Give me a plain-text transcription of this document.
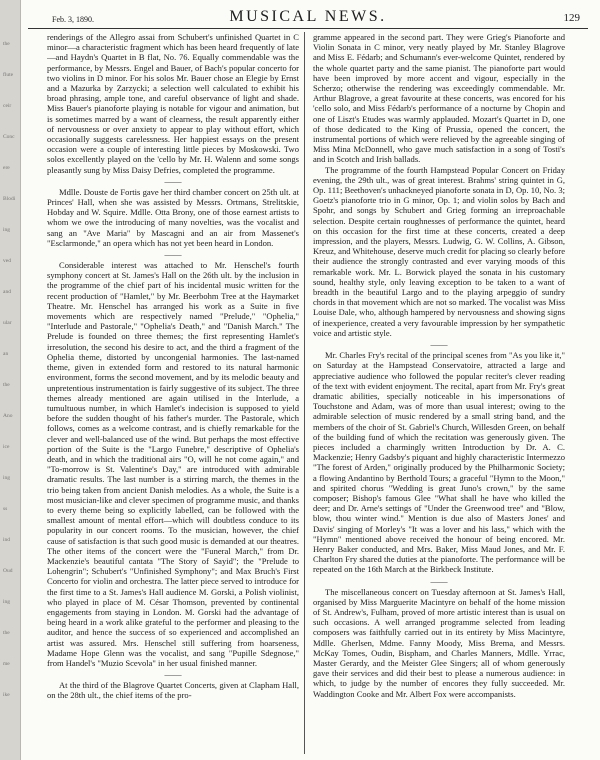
the
flute
ceir
Conc
ere
Blodi
ing
ved
and
ular
an
the
Ano
ice
ing
ss
ind
Oud
ing
the
me
ike
Feb. 3, 1890.	MUSICAL NEWS.	129

renderings of the Allegro assai from Schubert's unfinished Quartet in C minor—a characteristic fragment which has been heard frequently of late—and Haydn's Quartet in B flat, No. 76. Equally commendable was the performance, by Messrs. Engel and Bauer, of Bach's popular concerto for two violins in D minor. For his solos Mr. Bauer chose an Elegie by Ernst and a Mazurka by Zarzycki; a selection well calculated to exhibit his broad phrasing, ample tone, and careful observance of light and shade. Miss Bauer's pianoforte playing is notable for vigour and animation, but is sometimes marred by a want of clearness, the result apparently either of nervousness or over anxiety to appear to play without effort, which occasionally suggests carelessness. Her happiest essays on the present occasion were a couple of interesting little pieces by Moskowski. Two solos excellently played on the 'cello by Mr. H. Walenn and some songs pleasantly sung by Miss Daisy Defries, completed the programme.

——

Mdlle. Douste de Fortis gave her third chamber concert on 25th ult. at Princes' Hall, when she was assisted by Messrs. Ortmans, Strelitskie, Hobday and W. Squire. Mdlle. Otta Brony, one of those earnest artists to whom we owe the introducing of many novelties, was the vocalist and sang an "Ave Maria" by Mascagni and an air from Massenet's "Esclarmonde," an opera which has not yet been heard in London.

——

Considerable interest was attached to Mr. Henschel's fourth symphony concert at St. James's Hall on the 26th ult. by the inclusion in the programme of the chief part of his incidental music written for the recent production of "Hamlet," by Mr. Beerbohm Tree at the Haymarket Theatre. Mr. Henschel has arranged his work as a Suite in five movements which are respectively named "Prelude," "Ophelia," "Interlude and Pastorale," "Ophelia's Death," and "Danish March." The Prelude is founded on three themes; the first representing Hamlet's irresolution, the second his desire to act, and the third a fragment of the Ophelia theme, distorted by uncongenial harmonies. The last-named theme, given in extended form and restored to its natural harmonic environment, forms the second movement, and by its melodic beauty and unpretentious instrumentation is fairly suggestive of its subject. The three themes already mentioned are again utilised in the Interlude, a tumultuous number, in which Hamlet's indecision is supposed to yield before the sudden thought of his father's murder. The Pastorale, which follows, comes as a welcome contrast, and is chiefly remarkable for the clever and well-balanced use of the wind. But perhaps the most effective portion of the Suite is the "Largo Funebre," descriptive of Ophelia's death, and in which the traditional airs "O, will he not come again," and "To-morrow is St. Valentine's Day," are introduced with admirable dramatic results. The last number is a stirring march, the themes in the trio being taken from ancient Danish melodies. As a whole, the Suite is a most musician-like and clever specimen of programme music, and thanks to every theme being so explicitly labelled, can be followed with the smallest amount of mental effort—which will doubtless conduce to its popularity in our concert rooms. To the musician, however, the chief cause of satisfaction is that such good music is demanded at our theatres. The other items of the concert were the "Funeral March," from Dr. Mackenzie's beautiful cantata "The Story of Sayid"; the "Prelude to Lohengrin"; Schubert's "Unfinished Symphony"; and Max Bruch's First Concerto for violin and orchestra. The latter piece served to introduce for the first time to a St. James's Hall audience M. Gorski, a Polish violinist, who played in place of M. César Thomson, prevented by continental engagements from staying in London. M. Gorski had the advantage of being heard in a work alike grateful to the performer and pleasing to the auditor, and hence the success of so experienced and accomplished an artist was assured. Mrs. Henschel still suffering from hoarseness, Madame Hope Glenn was the vocalist, and sang "Pupille Sdegnose," from Handel's "Muzio Scevola" in her usual finished manner.

——

At the third of the Blagrove Quartet Concerts, given at Clapham Hall, on the 28th ult., the chief items of the pro-

gramme appeared in the second part. They were Grieg's Pianoforte and Violin Sonata in C minor, very neatly played by Mr. Stanley Blagrove and Miss E. Fédarb; and Schumann's ever-welcome Quintet, rendered by the whole quartet party and the same pianist. The pianoforte part would have been improved by more accent and vigour, especially in the Scherzo; otherwise the rendering was exceedingly commendable. Mr. Arthur Blagrove, a great favourite at these concerts, was encored for his 'cello solo, and Miss Fédarb's performance of a nocturne by Chopin and one of Liszt's Etudes was warmly applauded. Mozart's Quartet in D, one of those dedicated to the King of Prussia, opened the concert, the instrumental portions of which were relieved by the agreeable singing of Miss Mina McDonnell, who gave much satisfaction in a song of Tosti's and in Scotch and Irish ballads.

The programme of the fourth Hampstead Popular Concert on Friday evening, the 29th ult., was of great interest. Brahms' string quintet in G, Op. 111; Beethoven's unhackneyed pianoforte sonata in D, Op. 10, No. 3; Goetz's pianoforte trio in G minor, Op. 1; and violin solos by Bach and Spohr, and songs by Schubert and Grieg forming an irreproachable selection. Despite certain roughnesses of performance the quintet, heard on this occasion for the first time at these concerts, created a deep impression, and the players, Messrs. Ludwig, G. W. Collins, A. Gibson, Kreuz, and Whitehouse, deserve much credit for placing so clearly before their audience the strongly contrasted and ever varying moods of this remarkable work. Mr. L. Borwick played the sonata in his customary sound, healthy style, only leaving exception to be taken to a want of breadth in the beautiful Largo and to the playing arpeggio of sundry chords in that movement which are not so marked. The vocalist was Miss Louise Dale, who, although hampered by nervousness and showing signs of inexperience, created a very favourable impression by her sympathetic voice and artistic style.

——

Mr. Charles Fry's recital of the principal scenes from "As you like it," on Saturday at the Hampstead Conservatoire, attracted a large and appreciative audience who followed the popular reciter's clever reading of the text with evident enjoyment. The recital, apart from Mr. Fry's great dramatic abilities, specially noticeable in his impersonations of Touchstone and Adam, was of more than usual interest; owing to the admirable selection of music rendered by a small string band, and the members of the choir of St. Gabriel's Church, Willesden Green, on behalf of the building fund of which the recitation was generously given. The pieces included a charmingly written Introduction by Dr. A. C. Mackenzie; Henry Gadsby's piquant and highly characteristic Intermezzo "The forest of Arden," originally produced by the Philharmonic Society; a flowing Andantino by Berthold Tours; a graceful "Hymn to the Moon," and spirited chorus "Wedding is great Juno's crown," by the same composer; Bishop's famous Glee "What shall he have who killed the deer; and Dr. Arne's settings of "Under the Greenwood tree" and "Blow, blow, thou winter wind." Mention is due also of Masters Jones' and Davis' singing of Morley's "It was a lover and his lass," which with the "Hymn" mentioned above received the honour of being encored. Mr. Henry Baker conducted, and Mrs. Baker, Miss Maud Jones, and Mr. F. Charlton Fry shared the duties at the pianoforte. The performance will be repeated on the 16th March at the Birkbeck Institute.

——

The miscellaneous concert on Tuesday afternoon at St. James's Hall, organised by Miss Marguerite Macintyre on behalf of the home mission of St. Andrew's, Fulham, proved of more artistic interest than is usual on such occasions. A well arranged programme selected from leading composers was faithfully carried out in its entirety by Miss Macintyre, Mdlle. Gherlsen, Mdme. Fanny Moody, Miss Brema, and Messrs. McKay Tomes, Oudin, Bispham, and Charles Manners, Mdlle. Yrrac, Master Gerardy, and the Meister Glee Singers; all of whom generously gave their services and did their best to please a numerous audience: in which, to judge by the number of encores they fully succeeded. Mr. Waddington Cooke and Mr. Albert Fox were accompanists.
